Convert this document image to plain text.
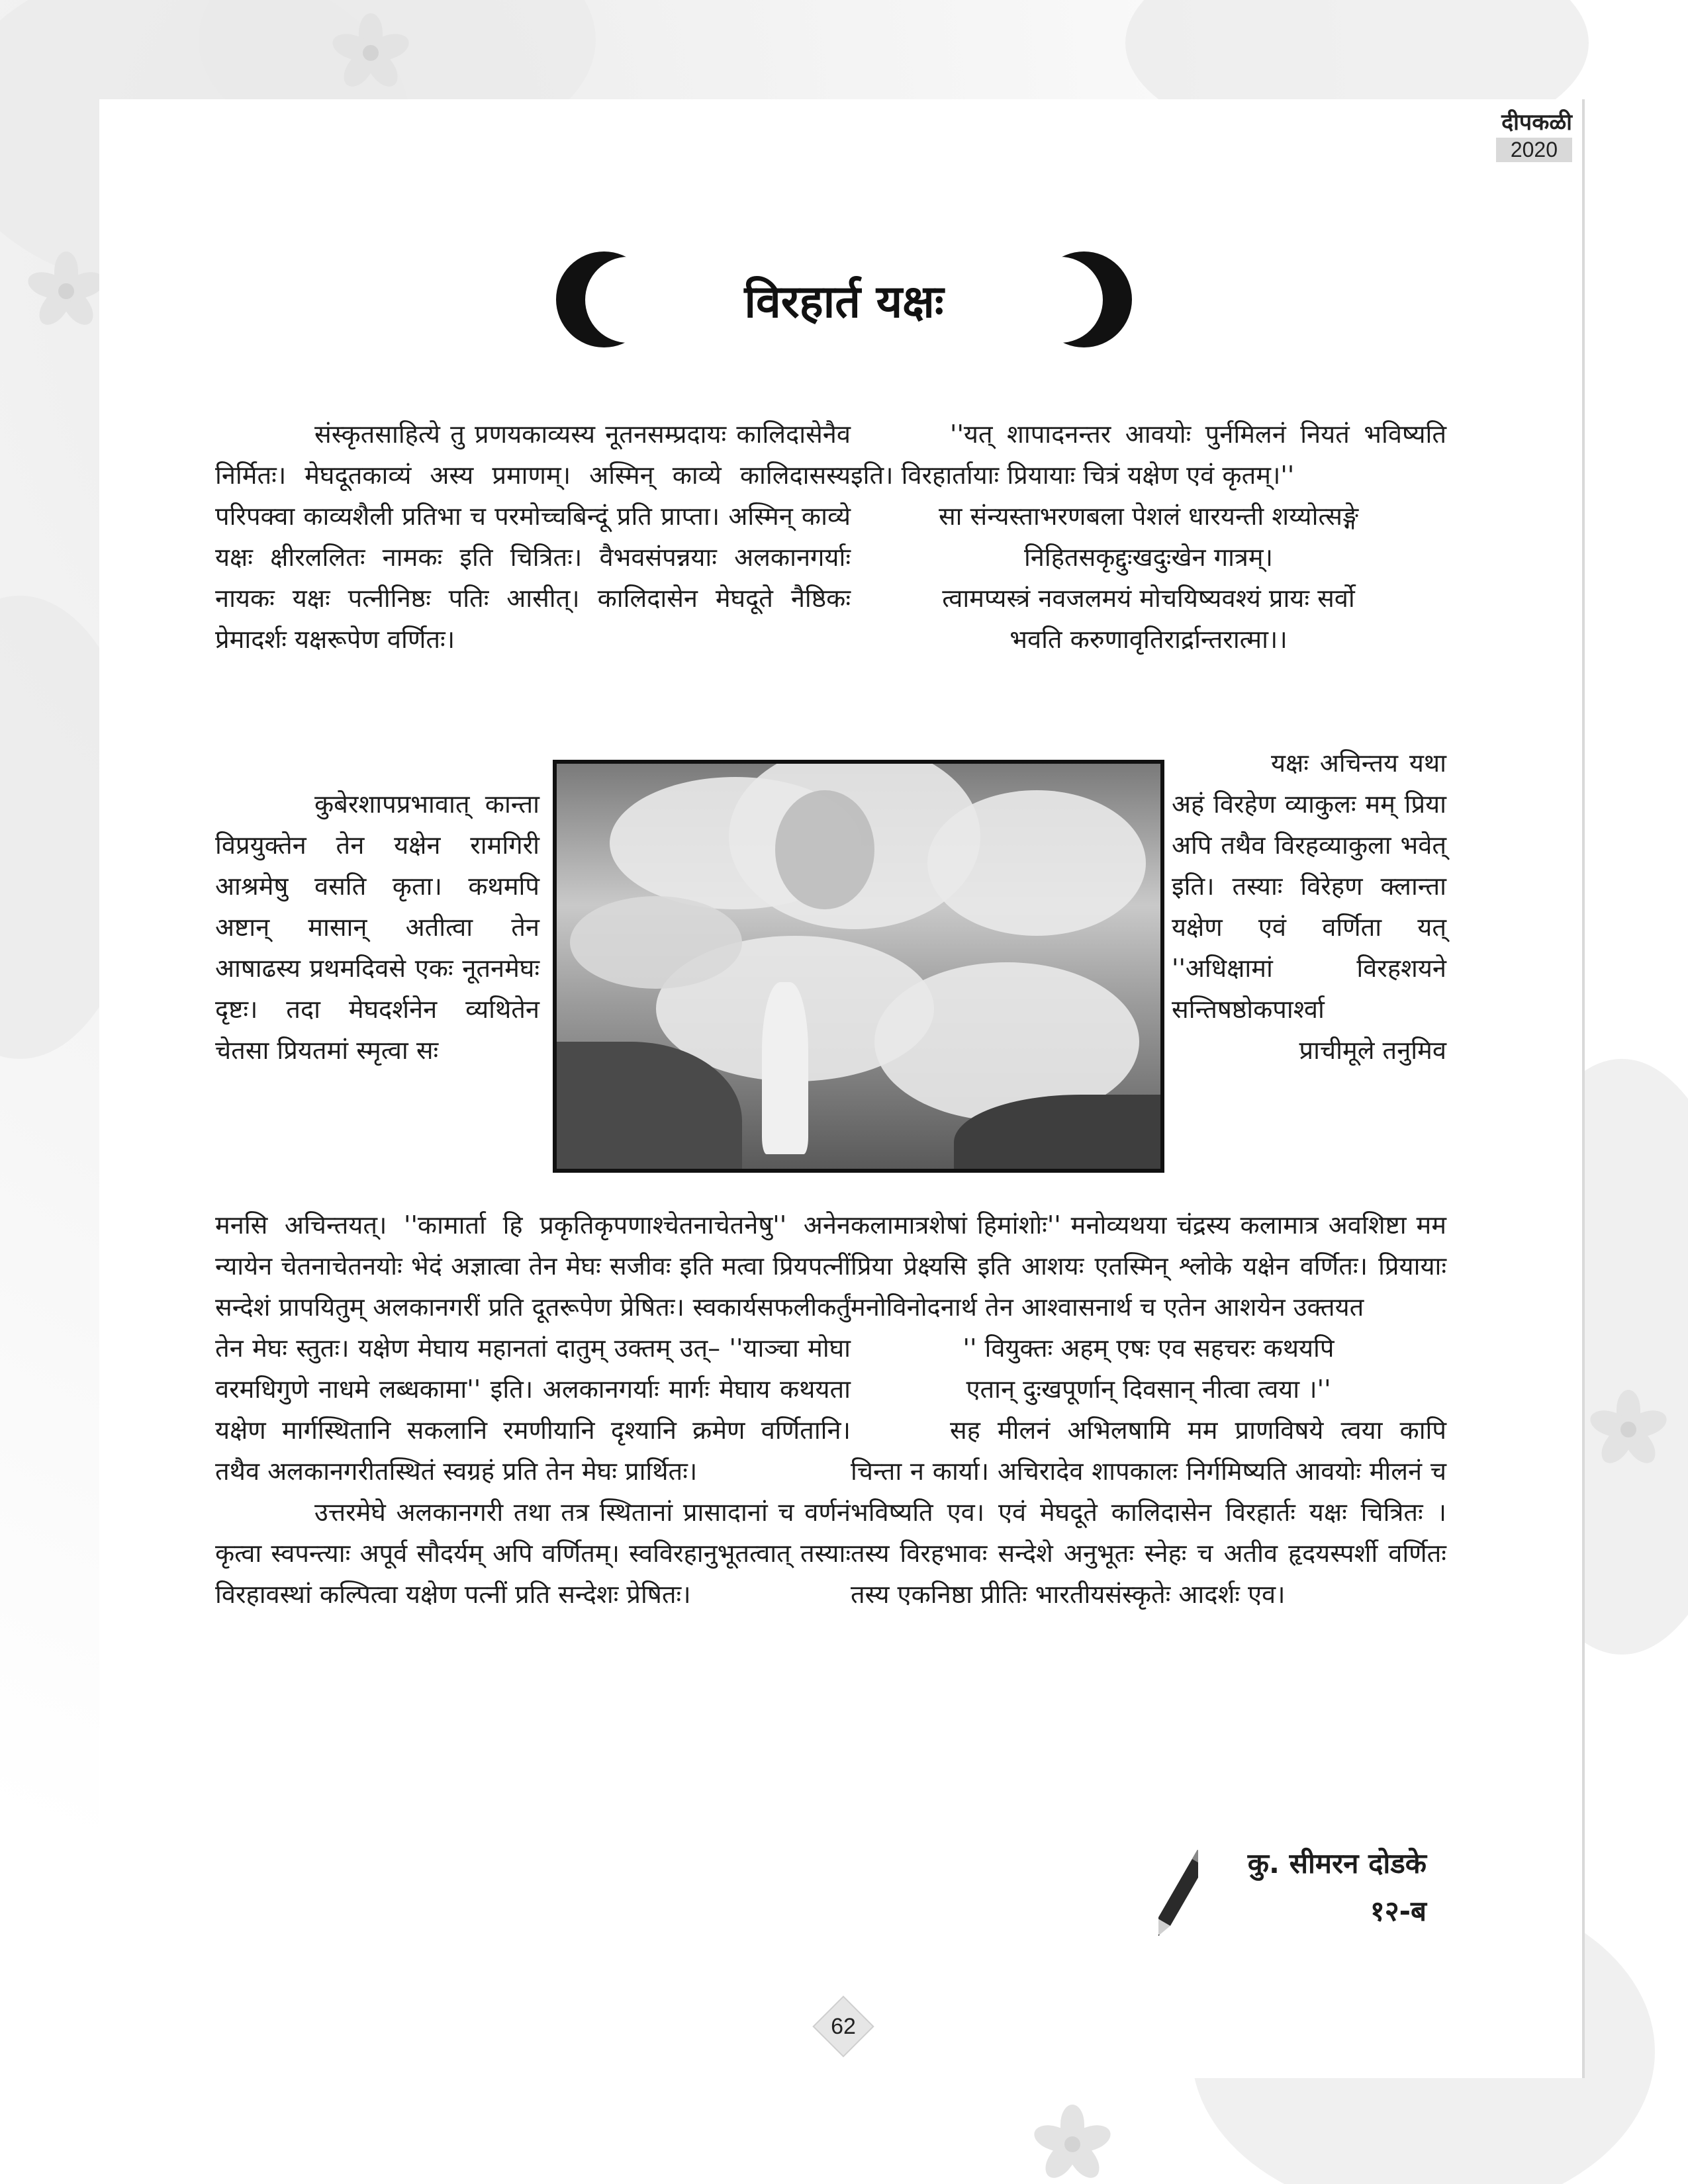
दीपकळी
2020
विरहार्त यक्षः

संस्कृतसाहित्ये तु प्रणयकाव्यस्य नूतनसम्प्रदायः कालिदासेनैव निर्मितः। मेघदूतकाव्यं अस्य प्रमाणम्। अस्मिन् काव्ये कालिदासस्य परिपक्वा काव्यशैली प्रतिभा च परमोच्चबिन्दूं प्रति प्राप्ता। अस्मिन् काव्ये यक्षः क्षीरललितः नामकः इति चित्रितः। वैभवसंपन्नयाः अलकानगर्याः नायकः यक्षः पत्नीनिष्ठः पतिः आसीत्। कालिदासेन मेघदूते नैष्ठिकः प्रेमादर्शः यक्षरूपेण वर्णितः।

कुबेरशापप्रभावात् कान्ता विप्रयुक्तेन तेन यक्षेन रामगिरी आश्रमेषु वसति कृता। कथमपि अष्टान् मासान् अतीत्वा तेन आषाढस्य प्रथमदिवसे एकः नूतनमेघः दृष्टः। तदा मेघदर्शनेन व्यथितेन चेतसा प्रियतमां स्मृत्वा सः

मनसि अचिन्तयत्। ''कामार्ता हि प्रकृतिकृपणाश्चेतनाचेतनेषु'' अनेन न्यायेन चेतनाचेतनयोः भेदं अज्ञात्वा तेन मेघः सजीवः इति मत्वा प्रियपत्नीं सन्देशं प्रापयितुम् अलकानगरीं प्रति दूतरूपेण प्रेषितः। स्वकार्यसफलीकर्तुं तेन मेघः स्तुतः। यक्षेण मेघाय महानतां दातुम् उक्तम् उत्– ''याञ्चा मोघा वरमधिगुणे नाधमे लब्धकामा'' इति। अलकानगर्याः मार्गः मेघाय कथयता यक्षेण मार्गस्थितानि सकलानि रमणीयानि दृश्यानि क्रमेण वर्णितानि। तथैव अलकानगरीतस्थितं स्वग्रहं प्रति तेन मेघः प्रार्थितः।

उत्तरमेघे अलकानगरी तथा तत्र स्थितानां प्रासादानां च वर्णनं कृत्वा स्वपन्त्याः अपूर्व सौदर्यम् अपि वर्णितम्। स्वविरहानुभूतत्वात् तस्याः विरहावस्थां कल्पित्वा यक्षेण पत्नीं प्रति सन्देशः प्रेषितः।

''यत् शापादनन्तर आवयोः पुर्नमिलनं नियतं भविष्यति इति। विरहार्तायाः प्रियायाः चित्रं यक्षेण एवं कृतम्।''

सा संन्यस्ताभरणबला पेशलं धारयन्ती शय्योत्सङ्गे

निहितसकृद्दुःखदुःखेन गात्रम्।

त्वामप्यस्त्रं नवजलमयं मोचयिष्यवश्यं प्रायः सर्वो

भवति करुणावृतिरार्द्रान्तरात्मा।।

यक्षः अचिन्तय यथा अहं विरहेण व्याकुलः मम् प्रिया अपि तथैव विरहव्याकुला भवेत् इति। तस्याः विरेहण क्लान्ता यक्षेण एवं वर्णिता यत् ''अधिक्षामां विरहशयने सन्तिषष्ठोकपार्श्वा

प्राचीमूले तनुमिव

कलामात्रशेषां हिमांशोः'' मनोव्यथया चंद्रस्य कलामात्र अवशिष्टा मम प्रिया प्रेक्ष्यसि इति आशयः एतस्मिन् श्लोके यक्षेन वर्णितः। प्रियायाः मनोविनोदनार्थ तेन आश्वासनार्थ च एतेन आशयेन उक्तयत

'' वियुक्तः अहम् एषः एव सहचरः कथयपि

एतान् दुःखपूर्णान् दिवसान् नीत्वा त्वया ।''

सह मीलनं अभिलषामि मम प्राणविषये त्वया कापि चिन्ता न कार्या। अचिरादेव शापकालः निर्गमिष्यति आवयोः मीलनं च भविष्यति एव। एवं मेघदूते कालिदासेन विरहार्तः यक्षः चित्रितः । तस्य विरहभावः सन्देशे अनुभूतः स्नेहः च अतीव हृदयस्पर्शी वर्णितः तस्य एकनिष्ठा प्रीतिः भारतीयसंस्कृतेः आदर्शः एव।

कु. सीमरन दोडके
१२-ब
62
